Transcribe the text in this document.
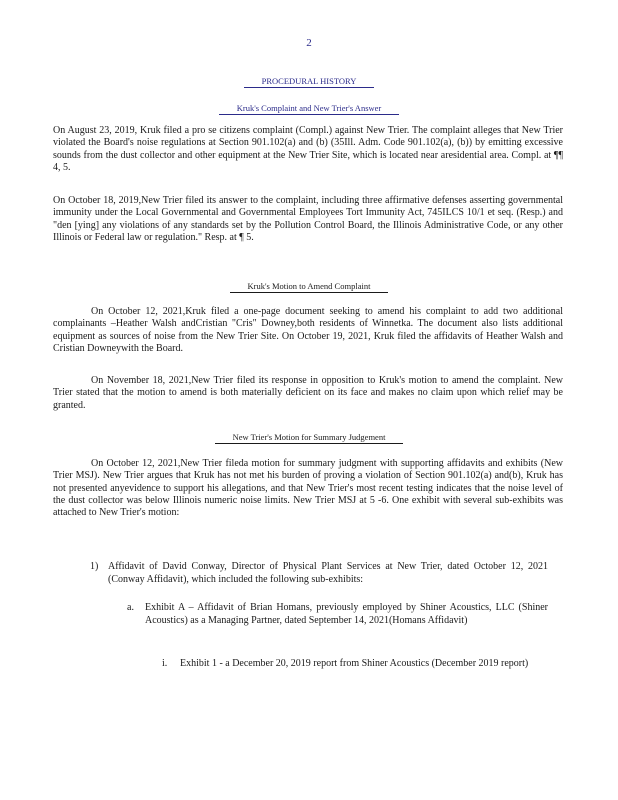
2
PROCEDURAL HISTORY
Kruk's Complaint and New Trier's Answer

On August 23, 2019, Kruk filed a pro se citizens complaint (Compl.) against New Trier. The complaint alleges that New Trier violated the Board's noise regulations at Section 901.102(a) and (b) (35Ill. Adm. Code 901.102(a), (b)) by emitting excessive sounds from the dust collector and other equipment at the New Trier Site, which is located near aresidential area. Compl. at ¶¶ 4, 5.

On October 18, 2019,New Trier filed its answer to the complaint, including three affirmative defenses asserting governmental immunity under the Local Governmental and Governmental Employees Tort Immunity Act, 745ILCS 10/1 et seq. (Resp.) and "den [ying] any violations of any standards set by the Pollution Control Board, the Illinois Administrative Code, or any other Illinois or Federal law or regulation." Resp. at ¶ 5.

Kruk's Motion to Amend Complaint

On October 12, 2021,Kruk filed a one-page document seeking to amend his complaint to add two additional complainants –Heather Walsh andCristian "Cris" Downey,both residents of Winnetka. The document also lists additional equipment as sources of noise from the New Trier Site. On October 19, 2021, Kruk filed the affidavits of Heather Walsh and Cristian Downeywith the Board.

On November 18, 2021,New Trier filed its response in opposition to Kruk's motion to amend the complaint. New Trier stated that the motion to amend is both materially deficient on its face and makes no claim upon which relief may be granted.

New Trier's Motion for Summary Judgement

On October 12, 2021,New Trier fileda motion for summary judgment with supporting affidavits and exhibits (New Trier MSJ). New Trier argues that Kruk has not met his burden of proving a violation of Section 901.102(a) and(b), Kruk has not presented anyevidence to support his allegations, and that New Trier's most recent testing indicates that the noise level of the dust collector was below Illinois numeric noise limits. New Trier MSJ at 5 -6. One exhibit with several sub-exhibits was attached to New Trier's motion:

1) Affidavit of David Conway, Director of Physical Plant Services at New Trier, dated October 12, 2021 (Conway Affidavit), which included the following sub-exhibits:
a. Exhibit A – Affidavit of Brian Homans, previously employed by Shiner Acoustics, LLC (Shiner Acoustics) as a Managing Partner, dated September 14, 2021(Homans Affidavit)
i. Exhibit 1 - a December 20, 2019 report from Shiner Acoustics (December 2019 report)
